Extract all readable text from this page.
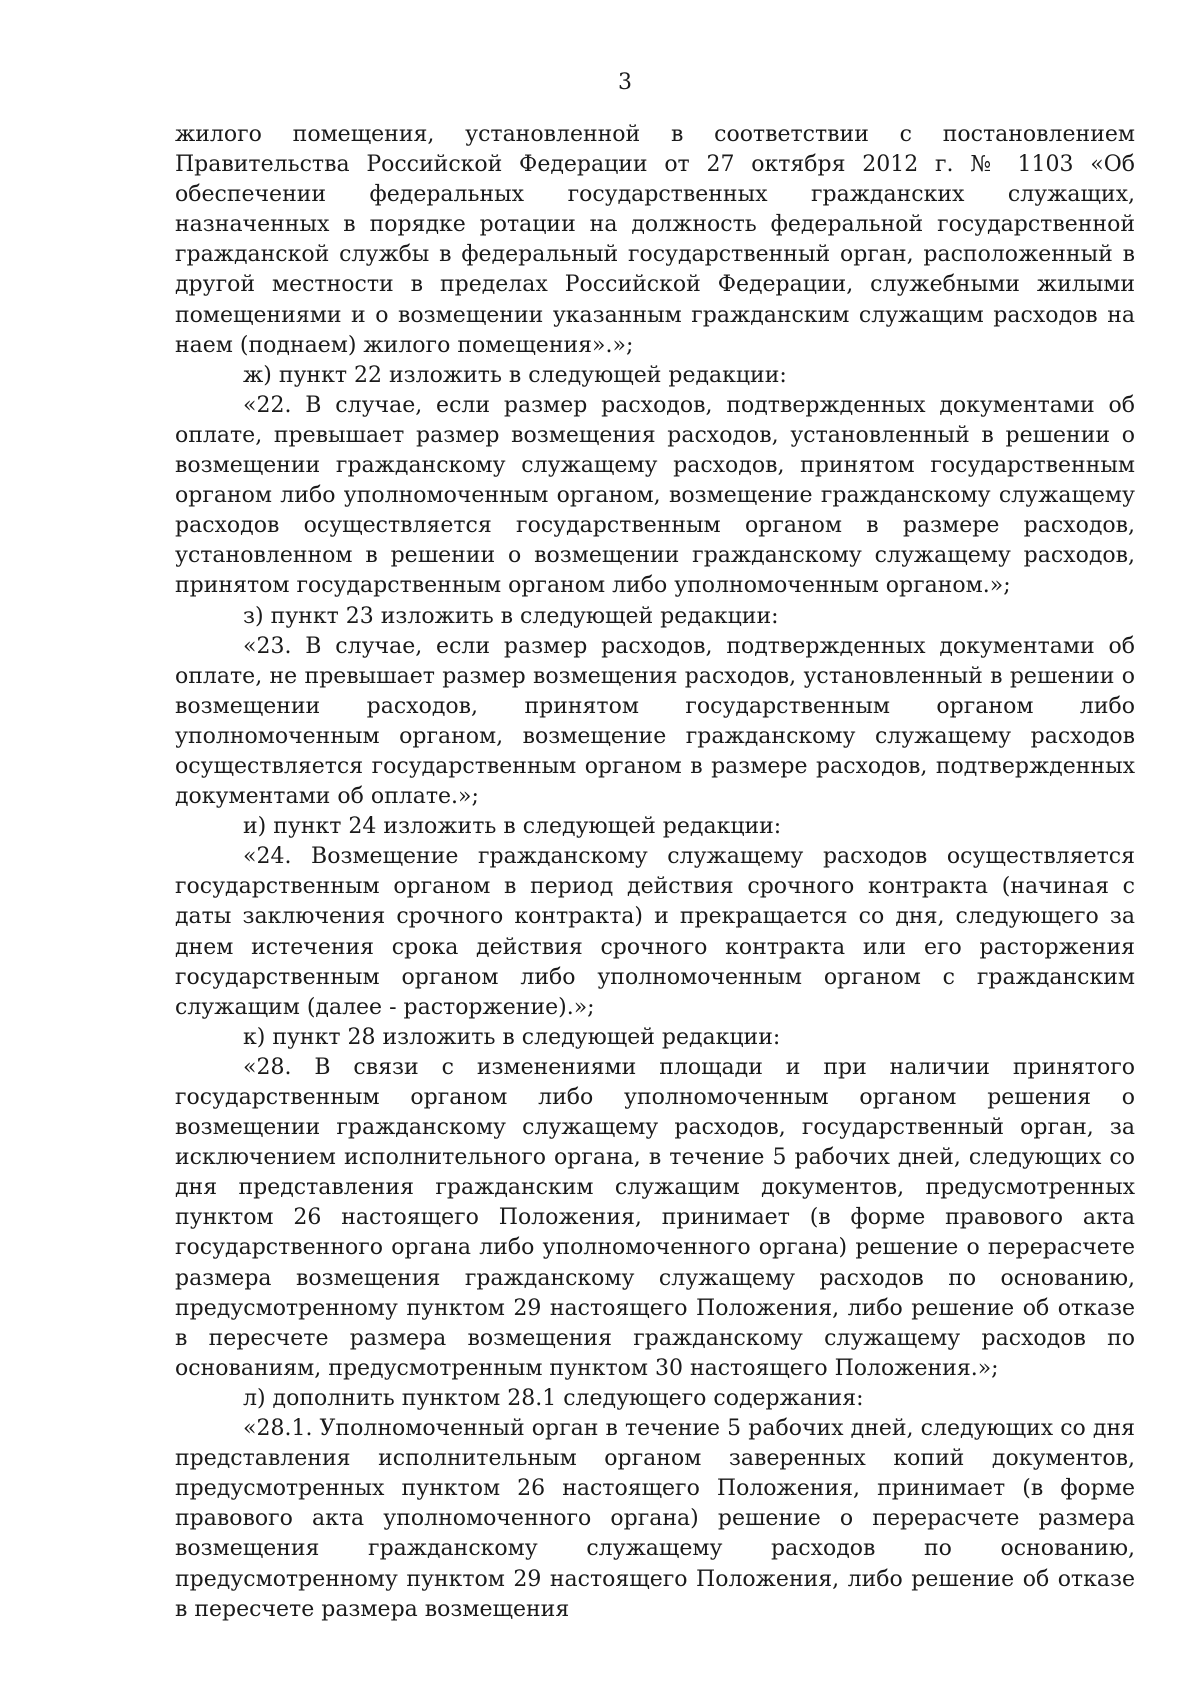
3

жилого помещения, установленной в соответствии с постановлением Правительства Российской Федерации от 27 октября 2012 г. № 1103 «Об обеспечении федеральных государственных гражданских служащих, назначенных в порядке ротации на должность федеральной государственной гражданской службы в федеральный государственный орган, расположенный в другой местности в пределах Российской Федерации, служебными жилыми помещениями и о возмещении указанным гражданским служащим расходов на наем (поднаем) жилого помещения».»;

ж) пункт 22 изложить в следующей редакции:

«22. В случае, если размер расходов, подтвержденных документами об оплате, превышает размер возмещения расходов, установленный в решении о возмещении гражданскому служащему расходов, принятом государственным органом либо уполномоченным органом, возмещение гражданскому служащему расходов осуществляется государственным органом в размере расходов, установленном в решении о возмещении гражданскому служащему расходов, принятом государственным органом либо уполномоченным органом.»;

з) пункт 23 изложить в следующей редакции:

«23. В случае, если размер расходов, подтвержденных документами об оплате, не превышает размер возмещения расходов, установленный в решении о возмещении расходов, принятом государственным органом либо уполномоченным органом, возмещение гражданскому служащему расходов осуществляется государственным органом в размере расходов, подтвержденных документами об оплате.»;

и) пункт 24 изложить в следующей редакции:

«24. Возмещение гражданскому служащему расходов осуществляется государственным органом в период действия срочного контракта (начиная с даты заключения срочного контракта) и прекращается со дня, следующего за днем истечения срока действия срочного контракта или его расторжения государственным органом либо уполномоченным органом с гражданским служащим (далее - расторжение).»;

к) пункт 28 изложить в следующей редакции:

«28. В связи с изменениями площади и при наличии принятого государственным органом либо уполномоченным органом решения о возмещении гражданскому служащему расходов, государственный орган, за исключением исполнительного органа, в течение 5 рабочих дней, следующих со дня представления гражданским служащим документов, предусмотренных пунктом 26 настоящего Положения, принимает (в форме правового акта государственного органа либо уполномоченного органа) решение о перерасчете размера возмещения гражданскому служащему расходов по основанию, предусмотренному пунктом 29 настоящего Положения, либо решение об отказе в пересчете размера возмещения гражданскому служащему расходов по основаниям, предусмотренным пунктом 30 настоящего Положения.»;

л) дополнить пунктом 28.1 следующего содержания:

«28.1. Уполномоченный орган в течение 5 рабочих дней, следующих со дня представления исполнительным органом заверенных копий документов, предусмотренных пунктом 26 настоящего Положения, принимает (в форме правового акта уполномоченного органа) решение о перерасчете размера возмещения гражданскому служащему расходов по основанию, предусмотренному пунктом 29 настоящего Положения, либо решение об отказе в пересчете размера возмещения
